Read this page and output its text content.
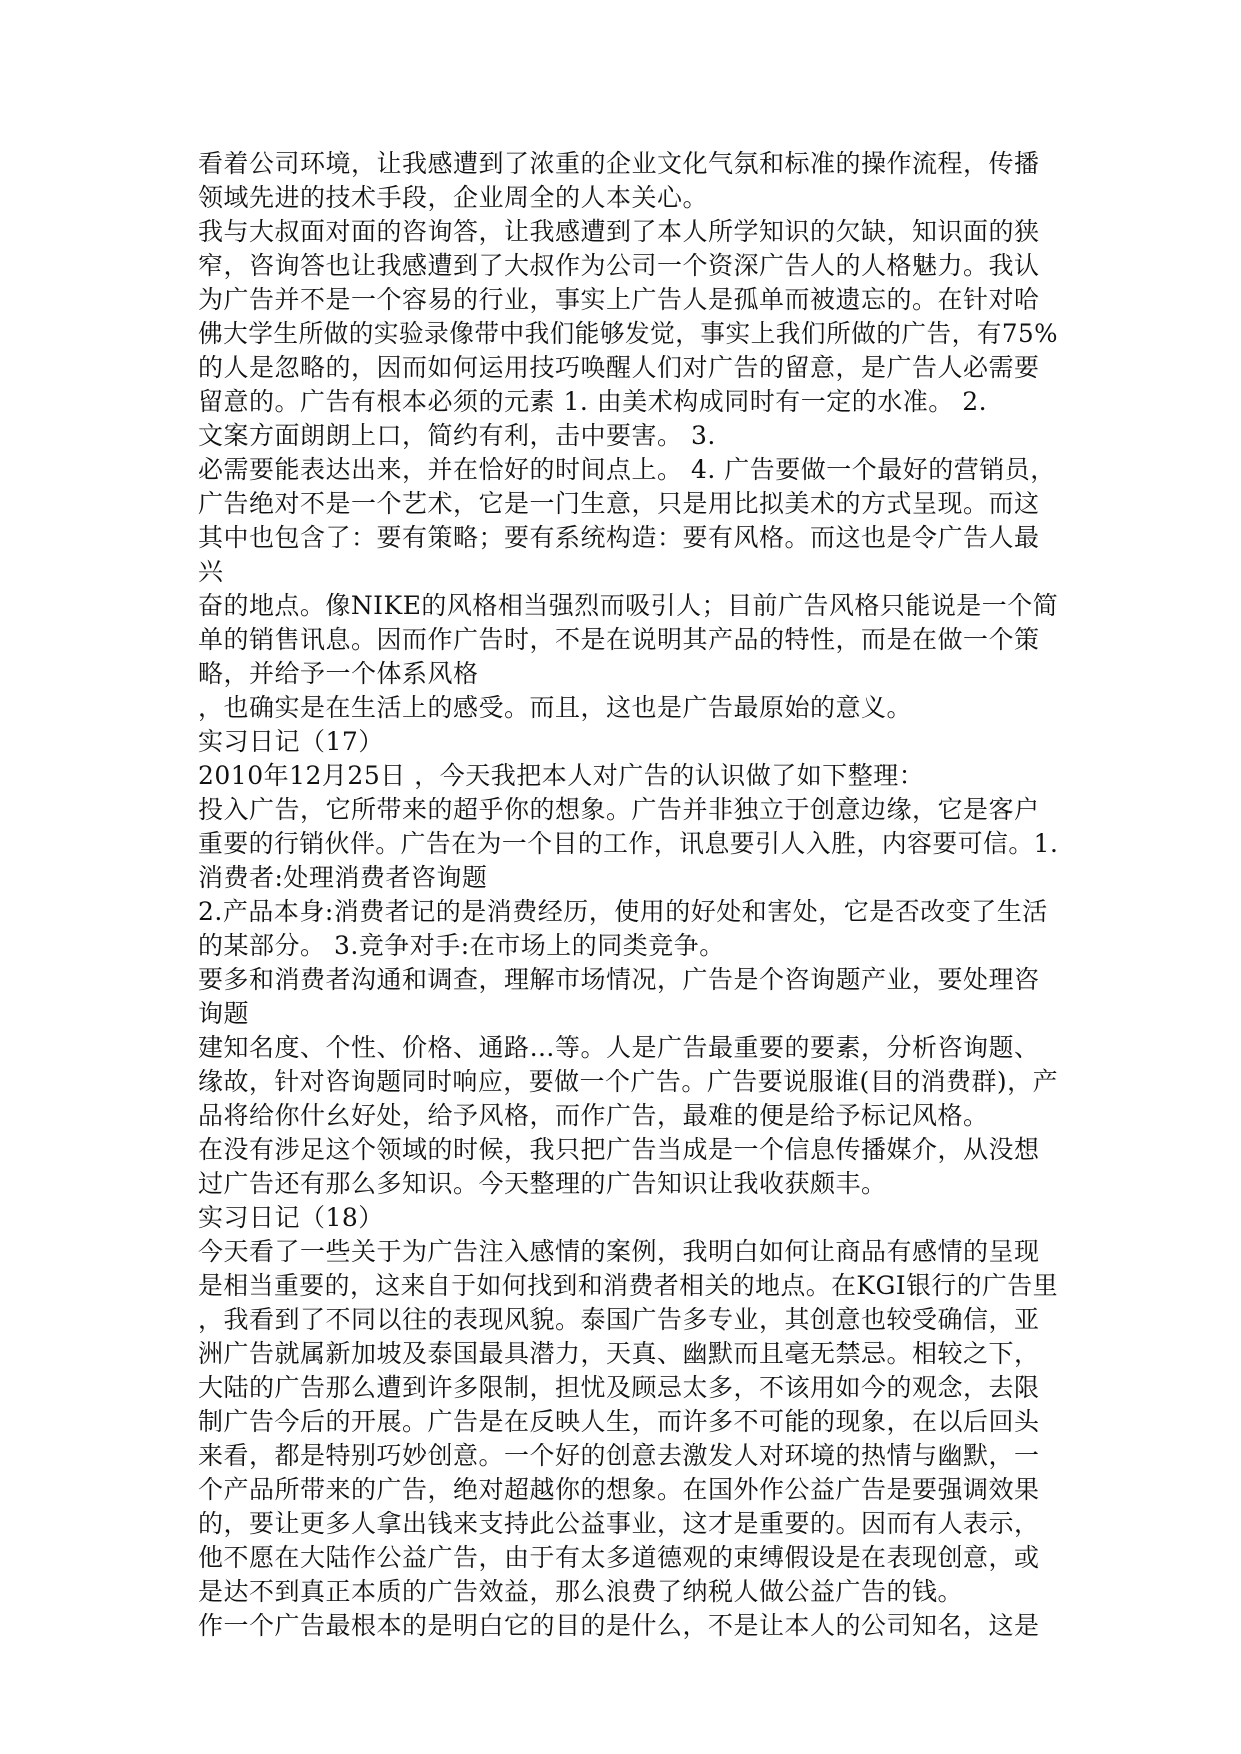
看着公司环境，让我感遭到了浓重的企业文化气氛和标准的操作流程，传播
领域先进的技术手段，企业周全的人本关心。
我与大叔面对面的咨询答，让我感遭到了本人所学知识的欠缺，知识面的狭
窄，咨询答也让我感遭到了大叔作为公司一个资深广告人的人格魅力。我认
为广告并不是一个容易的行业，事实上广告人是孤单而被遗忘的。在针对哈
佛大学生所做的实验录像带中我们能够发觉，事实上我们所做的广告，有75%
的人是忽略的，因而如何运用技巧唤醒人们对广告的留意，是广告人必需要
留意的。广告有根本必须的元素 1. 由美术构成同时有一定的水准。 2.
文案方面朗朗上口，简约有利，击中要害。 3.
必需要能表达出来，并在恰好的时间点上。 4. 广告要做一个最好的营销员，
广告绝对不是一个艺术，它是一门生意，只是用比拟美术的方式呈现。而这
其中也包含了：要有策略；要有系统构造：要有风格。而这也是令广告人最
兴
奋的地点。像NIKE的风格相当强烈而吸引人；目前广告风格只能说是一个简
单的销售讯息。因而作广告时，不是在说明其产品的特性，而是在做一个策
略，并给予一个体系风格
，也确实是在生活上的感受。而且，这也是广告最原始的意义。
实习日记（17）
2010年12月25日 ，今天我把本人对广告的认识做了如下整理：
投入广告，它所带来的超乎你的想象。广告并非独立于创意边缘，它是客户
重要的行销伙伴。广告在为一个目的工作，讯息要引人入胜，内容要可信。1.
消费者:处理消费者咨询题
2.产品本身:消费者记的是消费经历，使用的好处和害处，它是否改变了生活
的某部分。 3.竞争对手:在市场上的同类竞争。
要多和消费者沟通和调查，理解市场情况，广告是个咨询题产业，要处理咨
询题
建知名度、个性、价格、通路…等。人是广告最重要的要素，分析咨询题、
缘故，针对咨询题同时响应，要做一个广告。广告要说服谁(目的消费群)，产
品将给你什幺好处，给予风格，而作广告，最难的便是给予标记风格。
在没有涉足这个领域的时候，我只把广告当成是一个信息传播媒介，从没想
过广告还有那么多知识。今天整理的广告知识让我收获颇丰。
实习日记（18）
今天看了一些关于为广告注入感情的案例，我明白如何让商品有感情的呈现
是相当重要的，这来自于如何找到和消费者相关的地点。在KGI银行的广告里
，我看到了不同以往的表现风貌。泰国广告多专业，其创意也较受确信，亚
洲广告就属新加坡及泰国最具潜力，天真、幽默而且毫无禁忌。相较之下，
大陆的广告那么遭到许多限制，担忧及顾忌太多，不该用如今的观念，去限
制广告今后的开展。广告是在反映人生，而许多不可能的现象，在以后回头
来看，都是特别巧妙创意。一个好的创意去激发人对环境的热情与幽默，一
个产品所带来的广告，绝对超越你的想象。在国外作公益广告是要强调效果
的，要让更多人拿出钱来支持此公益事业，这才是重要的。因而有人表示，
他不愿在大陆作公益广告，由于有太多道德观的束缚假设是在表现创意，或
是达不到真正本质的广告效益，那么浪费了纳税人做公益广告的钱。
作一个广告最根本的是明白它的目的是什么，不是让本人的公司知名，这是
